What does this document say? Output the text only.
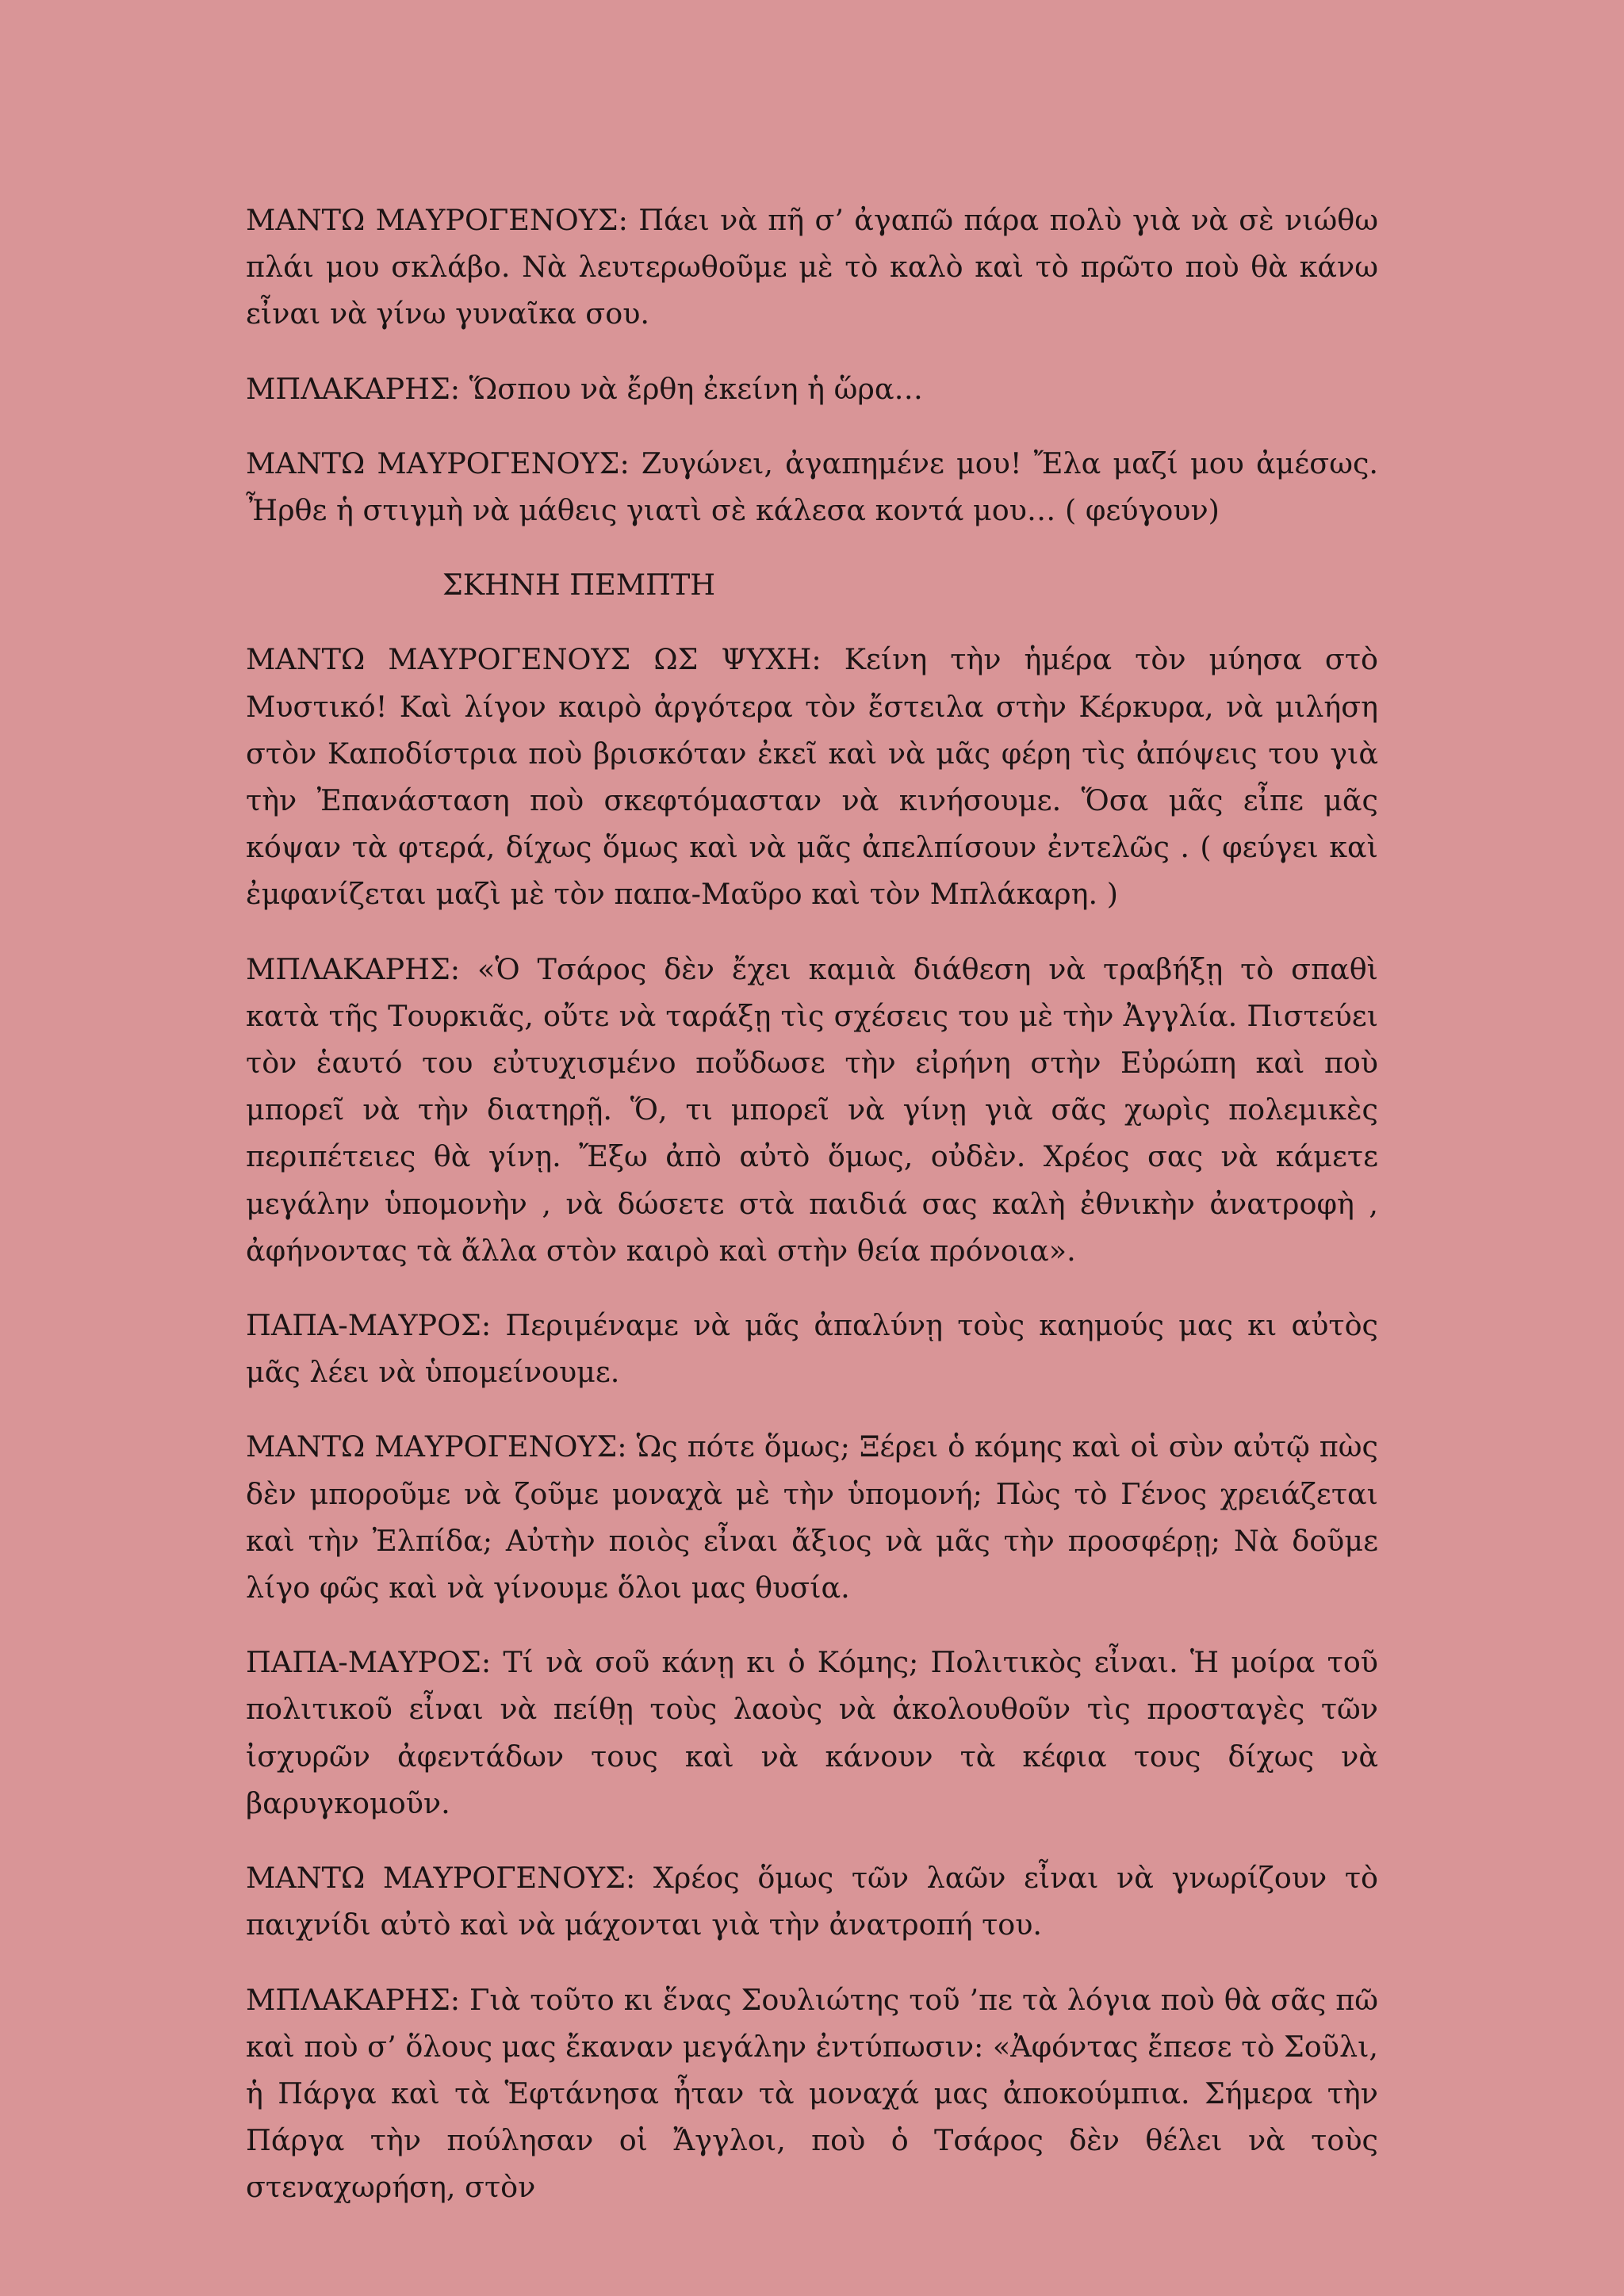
ΜΑΝΤΩ ΜΑΥΡΟΓΕΝΟΥΣ: Πάει νὰ πῆ σ’ ἀγαπῶ πάρα πολὺ γιὰ νὰ σὲ νιώθω πλάι μου σκλάβο. Νὰ λευτερωθοῦμε μὲ τὸ καλὸ καὶ τὸ πρῶτο ποὺ θὰ κάνω εἶναι νὰ γίνω γυναῖκα σου.

ΜΠΛΑΚΑΡΗΣ: Ὥσπου νὰ ἔρθη ἐκείνη ἡ ὥρα…

ΜΑΝΤΩ ΜΑΥΡΟΓΕΝΟΥΣ: Ζυγώνει, ἀγαπημένε μου! Ἔλα μαζί μου ἀμέσως. Ἦρθε ἡ στιγμὴ νὰ μάθεις γιατὶ σὲ κάλεσα κοντά μου… ( φεύγουν)

ΣΚΗΝΗ ΠΕΜΠΤΗ

ΜΑΝΤΩ ΜΑΥΡΟΓΕΝΟΥΣ ΩΣ ΨΥΧΗ: Κείνη τὴν ἡμέρα τὸν μύησα στὸ Μυστικό! Καὶ λίγον καιρὸ ἀργότερα τὸν ἔστειλα στὴν Κέρκυρα, νὰ μιλήση στὸν Καποδίστρια ποὺ βρισκόταν ἐκεῖ καὶ νὰ μᾶς φέρη τὶς ἀπόψεις του γιὰ τὴν Ἐπανάσταση ποὺ σκεφτόμασταν νὰ κινήσουμε. Ὅσα μᾶς εἶπε μᾶς κόψαν τὰ φτερά, δίχως ὅμως καὶ νὰ μᾶς ἀπελπίσουν ἐντελῶς . ( φεύγει καὶ ἐμφανίζεται μαζὶ μὲ τὸν παπα-Μαῦρο καὶ τὸν Μπλάκαρη. )

ΜΠΛΑΚΑΡΗΣ: «Ὁ Τσάρος δὲν ἔχει καμιὰ διάθεση νὰ τραβήξῃ τὸ σπαθὶ κατὰ τῆς Τουρκιᾶς, οὔτε νὰ ταράξῃ τὶς σχέσεις του μὲ τὴν Ἀγγλία. Πιστεύει τὸν ἑαυτό του εὐτυχισμένο ποὔδωσε τὴν εἰρήνη στὴν Εὐρώπη καὶ ποὺ μπορεῖ νὰ τὴν διατηρῇ. Ὅ, τι μπορεῖ νὰ γίνῃ γιὰ σᾶς χωρὶς πολεμικὲς περιπέτειες θὰ γίνῃ. Ἔξω ἀπὸ αὐτὸ ὅμως, οὐδὲν. Χρέος σας νὰ κάμετε μεγάλην ὑπομονὴν , νὰ δώσετε στὰ παιδιά σας καλὴ ἐθνικὴν ἀνατροφὴ , ἀφήνοντας τὰ ἄλλα στὸν καιρὸ καὶ στὴν θεία πρόνοια».

ΠΑΠΑ-ΜΑΥΡΟΣ: Περιμέναμε νὰ μᾶς ἀπαλύνῃ τοὺς καημούς μας κι αὐτὸς μᾶς λέει νὰ ὑπομείνουμε.

ΜΑΝΤΩ ΜΑΥΡΟΓΕΝΟΥΣ: Ὡς πότε ὅμως; Ξέρει ὁ κόμης καὶ οἱ σὺν αὐτῷ πὼς δὲν μποροῦμε νὰ ζοῦμε μοναχὰ μὲ τὴν ὑπομονή; Πὼς τὸ Γένος χρειάζεται καὶ τὴν Ἐλπίδα; Αὐτὴν ποιὸς εἶναι ἄξιος νὰ μᾶς τὴν προσφέρῃ; Νὰ δοῦμε λίγο φῶς καὶ νὰ γίνουμε ὅλοι μας θυσία.

ΠΑΠΑ-ΜΑΥΡΟΣ: Τί νὰ σοῦ κάνῃ κι ὁ Κόμης; Πολιτικὸς εἶναι. Ἡ μοίρα τοῦ πολιτικοῦ εἶναι νὰ πείθῃ τοὺς λαοὺς νὰ ἀκολουθοῦν τὶς προσταγὲς τῶν ἰσχυρῶν ἀφεντάδων τους καὶ νὰ κάνουν τὰ κέφια τους δίχως νὰ βαρυγκομοῦν.

ΜΑΝΤΩ ΜΑΥΡΟΓΕΝΟΥΣ: Χρέος ὅμως τῶν λαῶν εἶναι νὰ γνωρίζουν τὸ παιχνίδι αὐτὸ καὶ νὰ μάχονται γιὰ τὴν ἀνατροπή του.

ΜΠΛΑΚΑΡΗΣ: Γιὰ τοῦτο κι ἕνας Σουλιώτης τοῦ ’πε τὰ λόγια ποὺ θὰ σᾶς πῶ καὶ ποὺ σ’ ὅλους μας ἔκαναν μεγάλην ἐντύπωσιν: «Ἀφόντας ἔπεσε τὸ Σοῦλι, ἡ Πάργα καὶ τὰ Ἑφτάνησα ἦταν τὰ μοναχά μας ἀποκούμπια. Σήμερα τὴν Πάργα τὴν πούλησαν οἱ Ἄγγλοι, ποὺ ὁ Τσάρος δὲν θέλει νὰ τοὺς στεναχωρήση, στὸν
